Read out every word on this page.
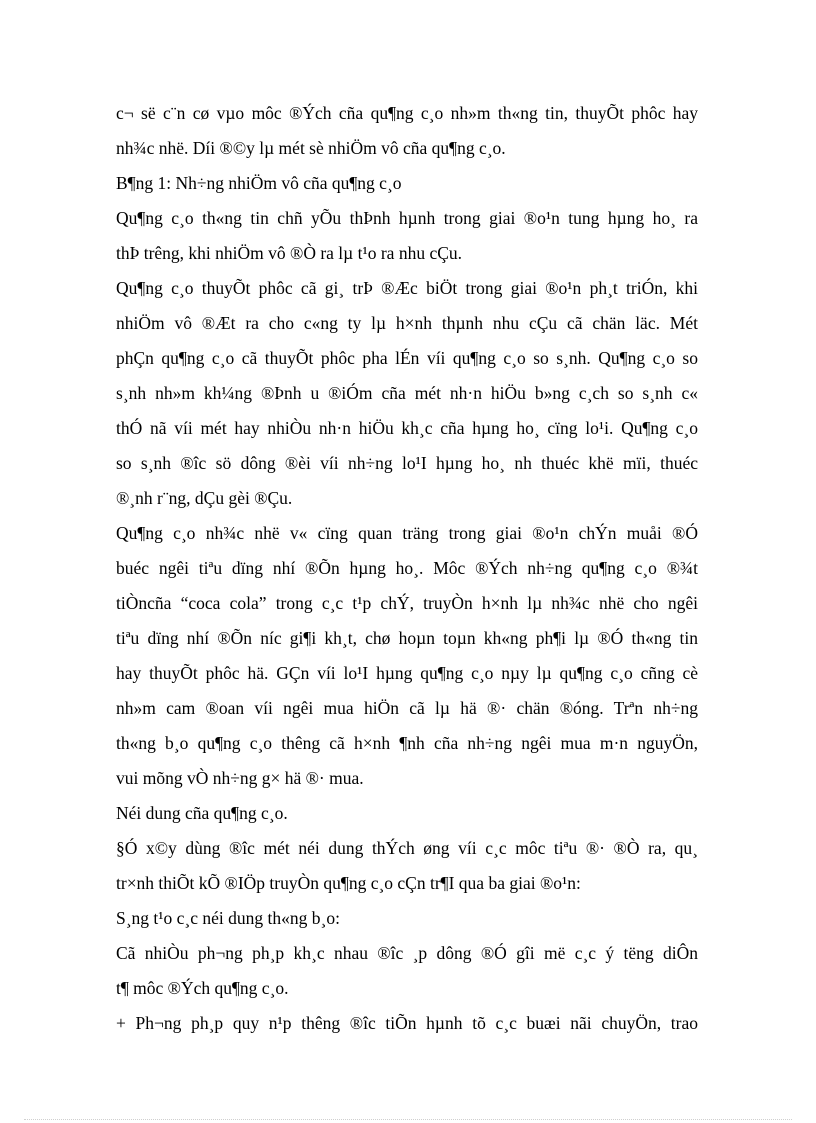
c¬ së c¨n cø vµo môc ®Ých cña qu¶ng c¸o nh»m th«ng tin, thuyÕt phôc hay
nh¾c nhë. Díi ®©y lµ mét sè nhiÖm vô cña qu¶ng c¸o.
B¶ng 1: Nh÷ng nhiÖm vô cña qu¶ng c¸o
Qu¶ng c¸o th«ng tin chñ yÕu thÞnh hµnh trong giai ®o¹n tung hµng ho¸ ra
thÞ trêng, khi nhiÖm vô ®Ò ra lµ t¹o ra nhu cÇu.
Qu¶ng c¸o thuyÕt phôc cã gi¸ trÞ ®Æc biÖt trong giai ®o¹n ph¸t triÓn, khi
nhiÖm vô ®Æt ra cho c«ng ty lµ h×nh thµnh nhu cÇu cã chän läc. Mét
phÇn qu¶ng c¸o cã thuyÕt phôc pha lÉn víi qu¶ng c¸o so s¸nh. Qu¶ng c¸o so
s¸nh nh»m kh¼ng ®Þnh u ®iÓm cña mét nh·n hiÖu b»ng c¸ch so s¸nh c«
thÓ nã víi mét hay nhiÒu nh·n hiÖu kh¸c cña hµng ho¸ cïng lo¹i. Qu¶ng c¸o
so s¸nh ®îc sö dông ®èi víi nh÷ng lo¹I hµng ho¸ nh thuéc khë mïi, thuéc
®¸nh r¨ng, dÇu gèi ®Çu.
Qu¶ng c¸o nh¾c nhë v« cïng quan träng trong giai ®o¹n chÝn muåi ®Ó
buéc ngêi tiªu dïng nhí ®Õn hµng ho¸. Môc ®Ých nh÷ng qu¶ng c¸o ®¾t
tiÒncña “coca cola” trong c¸c t¹p chÝ, truyÒn h×nh lµ nh¾c nhë cho ngêi
tiªu dïng nhí ®Õn níc gi¶i kh¸t, chø hoµn toµn kh«ng ph¶i lµ ®Ó th«ng tin
hay thuyÕt phôc hä. GÇn víi lo¹I hµng qu¶ng c¸o nµy lµ qu¶ng c¸o cñng cè
nh»m cam ®oan víi ngêi mua hiÖn cã lµ hä ®· chän ®óng. Trªn nh÷ng
th«ng b¸o qu¶ng c¸o thêng cã h×nh ¶nh cña nh÷ng ngêi mua m·n nguyÖn,
vui mõng vÒ nh÷ng g× hä ®· mua.
Néi dung cña qu¶ng c¸o.
§Ó x©y dùng ®îc mét néi dung thÝch øng víi c¸c môc tiªu ®· ®Ò ra, qu¸
tr×nh thiÕt kÕ ®IÖp truyÒn qu¶ng c¸o cÇn tr¶I qua ba giai ®o¹n:
S¸ng t¹o c¸c néi dung th«ng b¸o:
Cã nhiÒu ph¬ng ph¸p kh¸c nhau ®îc ¸p dông ®Ó gîi më c¸c ý tëng diÔn
t¶ môc ®Ých qu¶ng c¸o.
+ Ph¬ng ph¸p quy n¹p thêng ®îc tiÕn hµnh tõ c¸c buæi nãi chuyÖn, trao
